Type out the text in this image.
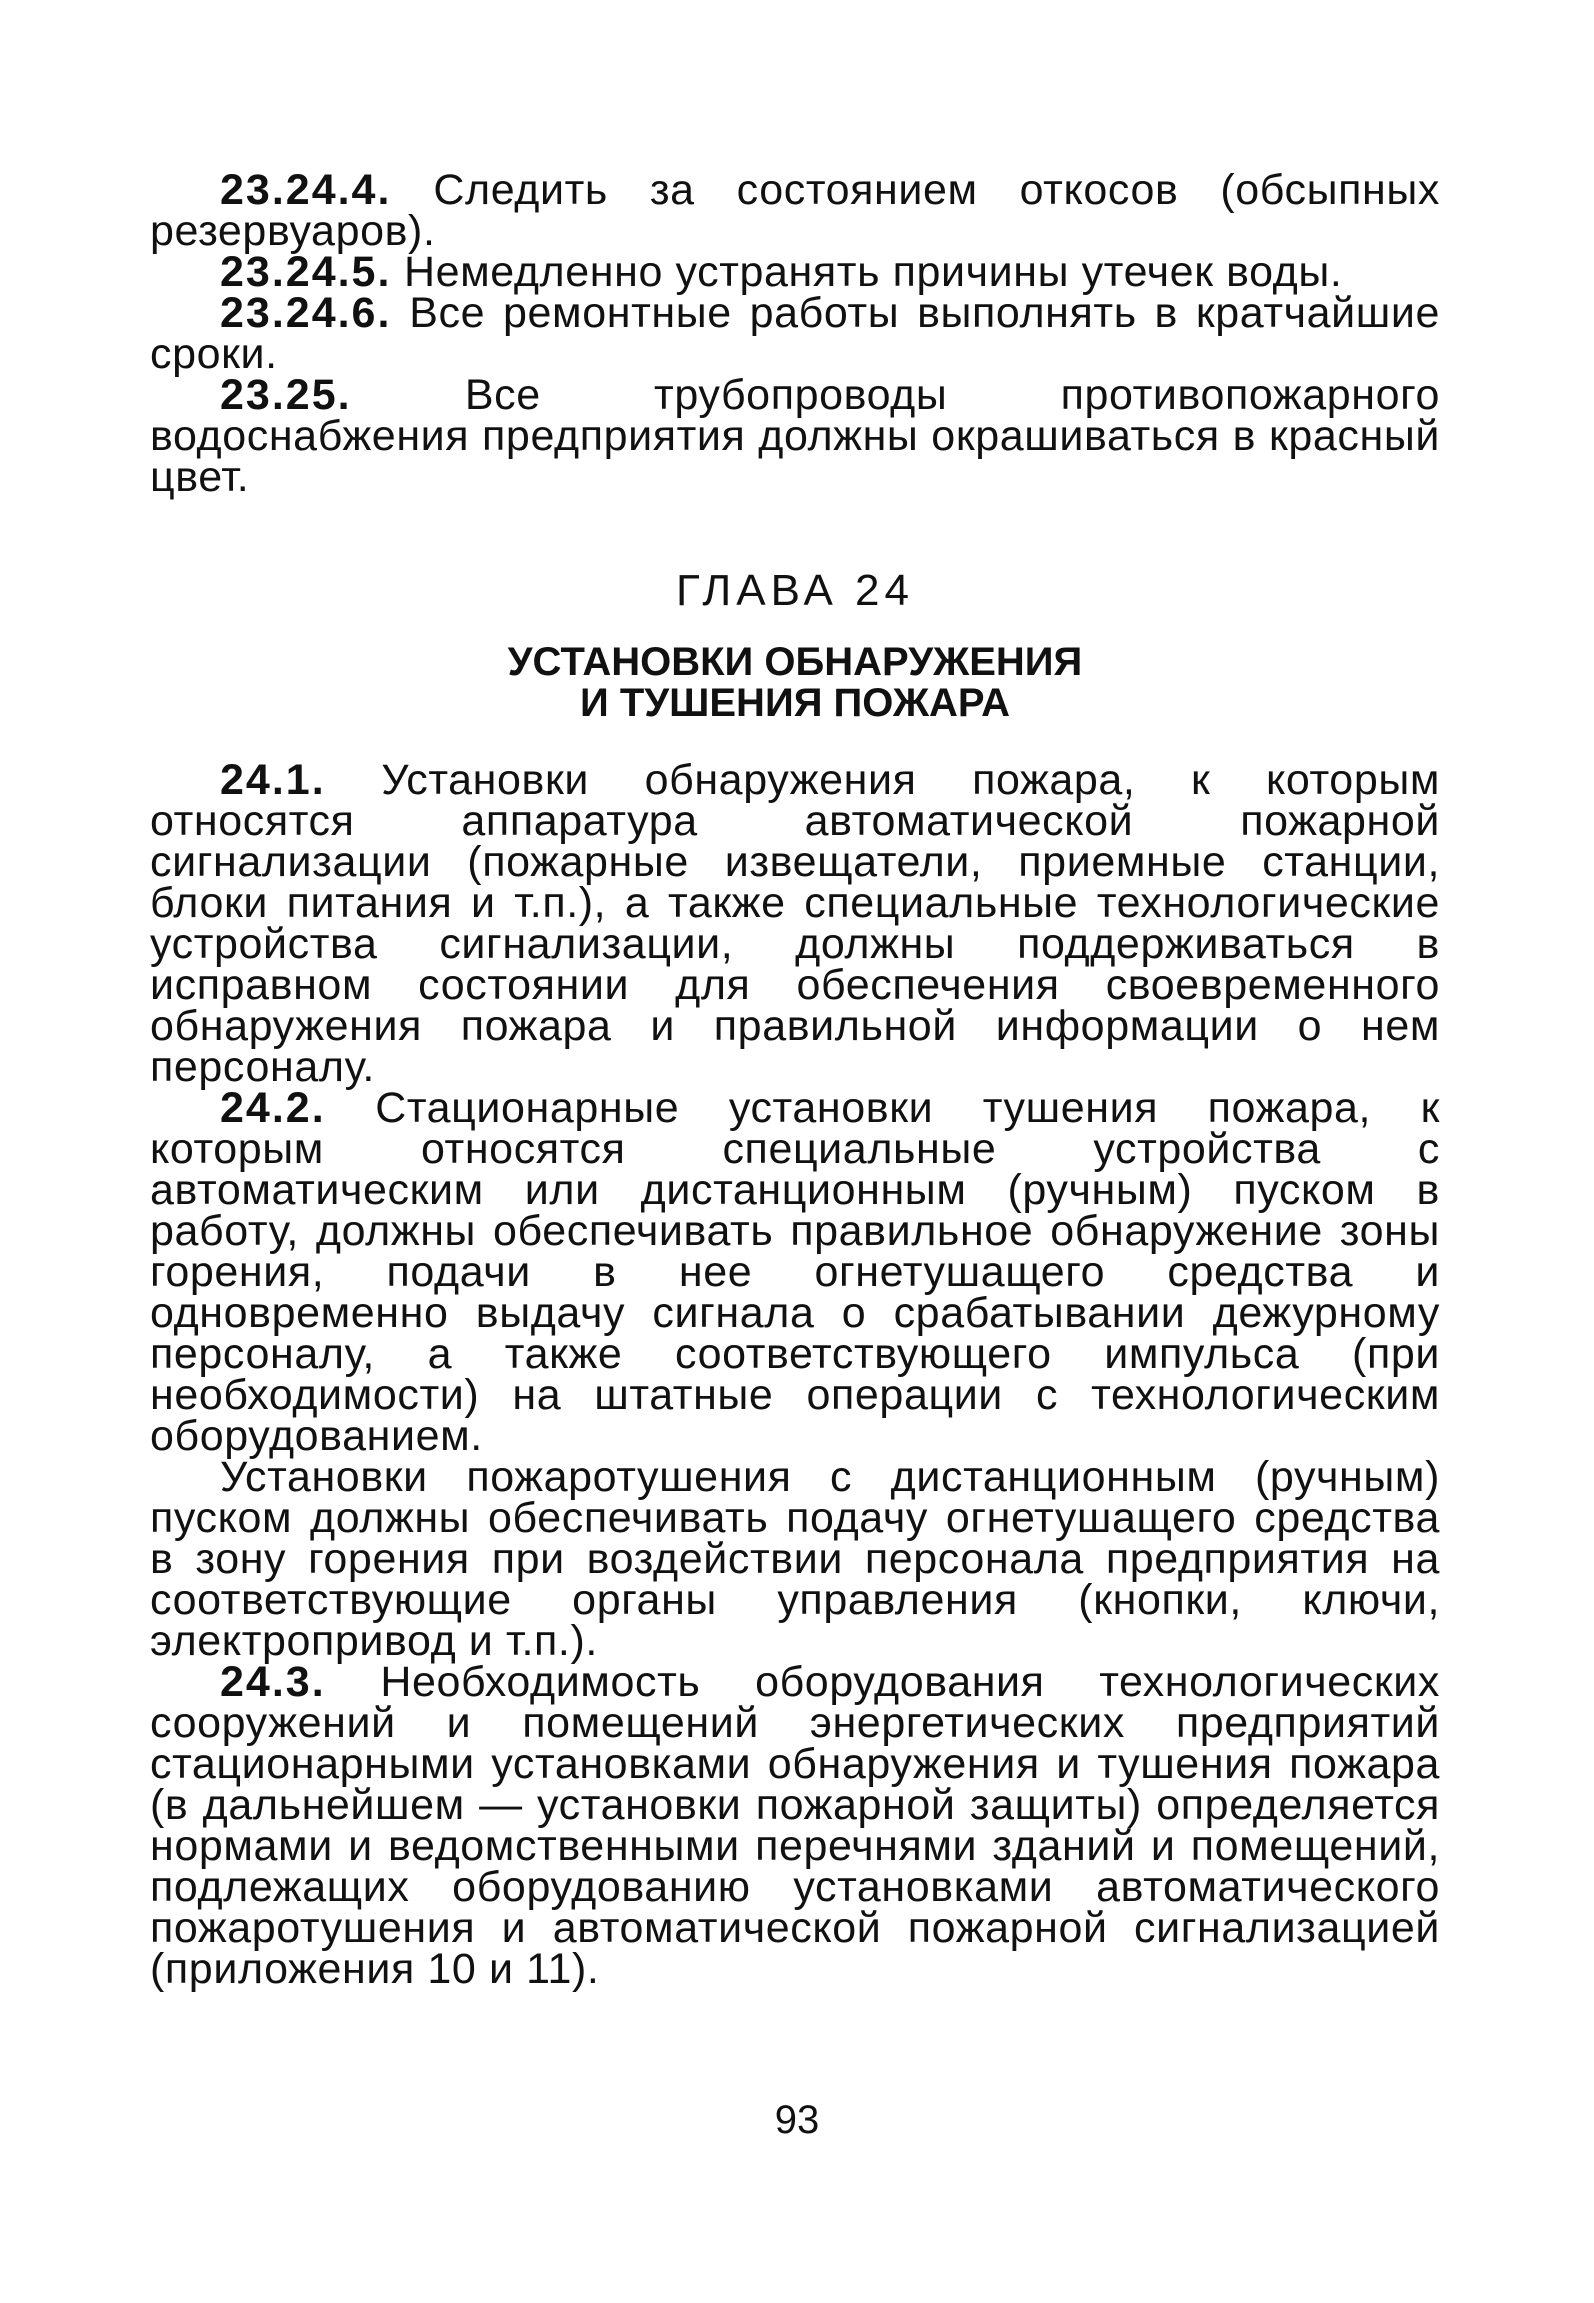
23.24.4. Следить за состоянием откосов (обсыпных резервуаров).

23.24.5. Немедленно устранять причины утечек воды.

23.24.6. Все ремонтные работы выполнять в кратчайшие сроки.

23.25.	Все трубопроводы противопожарного водоснабжения предприятия должны окрашиваться в красный цвет.

ГЛАВА 24
УСТАНОВКИ ОБНАРУЖЕНИЯ
И ТУШЕНИЯ ПОЖАРА

24.1. Установки обнаружения пожара, к которым относятся аппаратура автоматической пожарной сигнализации (пожарные извещатели, приемные станции, блоки питания и т.п.), а также специальные технологические устройства сигнализации, должны поддерживаться в исправном состоянии для обеспечения своевременного обнаружения пожара и правильной информации о нем персоналу.

24.2. Стационарные установки тушения пожара, к которым относятся специальные устройства с автоматическим или дистанционным (ручным) пуском в работу, должны обеспечивать правильное обнаружение зоны горения, подачи в нее огнетушащего средства и одновременно выдачу сигнала о срабатывании дежурному персоналу, а также соответствующего импульса (при необходимости) на штатные операции с технологическим оборудованием.

Установки пожаротушения с дистанционным (ручным) пуском должны обеспечивать подачу огнетушащего средства в зону горения при воздействии персонала предприятия на соответствующие органы управления (кнопки, ключи, электропривод и т.п.).

24.3. Необходимость оборудования технологических сооружений и помещений энергетических предприятий стационарными установками обнаружения и тушения пожара (в дальнейшем — установки пожарной защиты) определяется нормами и ведомственными перечнями зданий и помещений, подлежащих оборудованию установками автоматического пожаротушения и автоматической пожарной сигнализацией (приложения 10 и 11).

93
